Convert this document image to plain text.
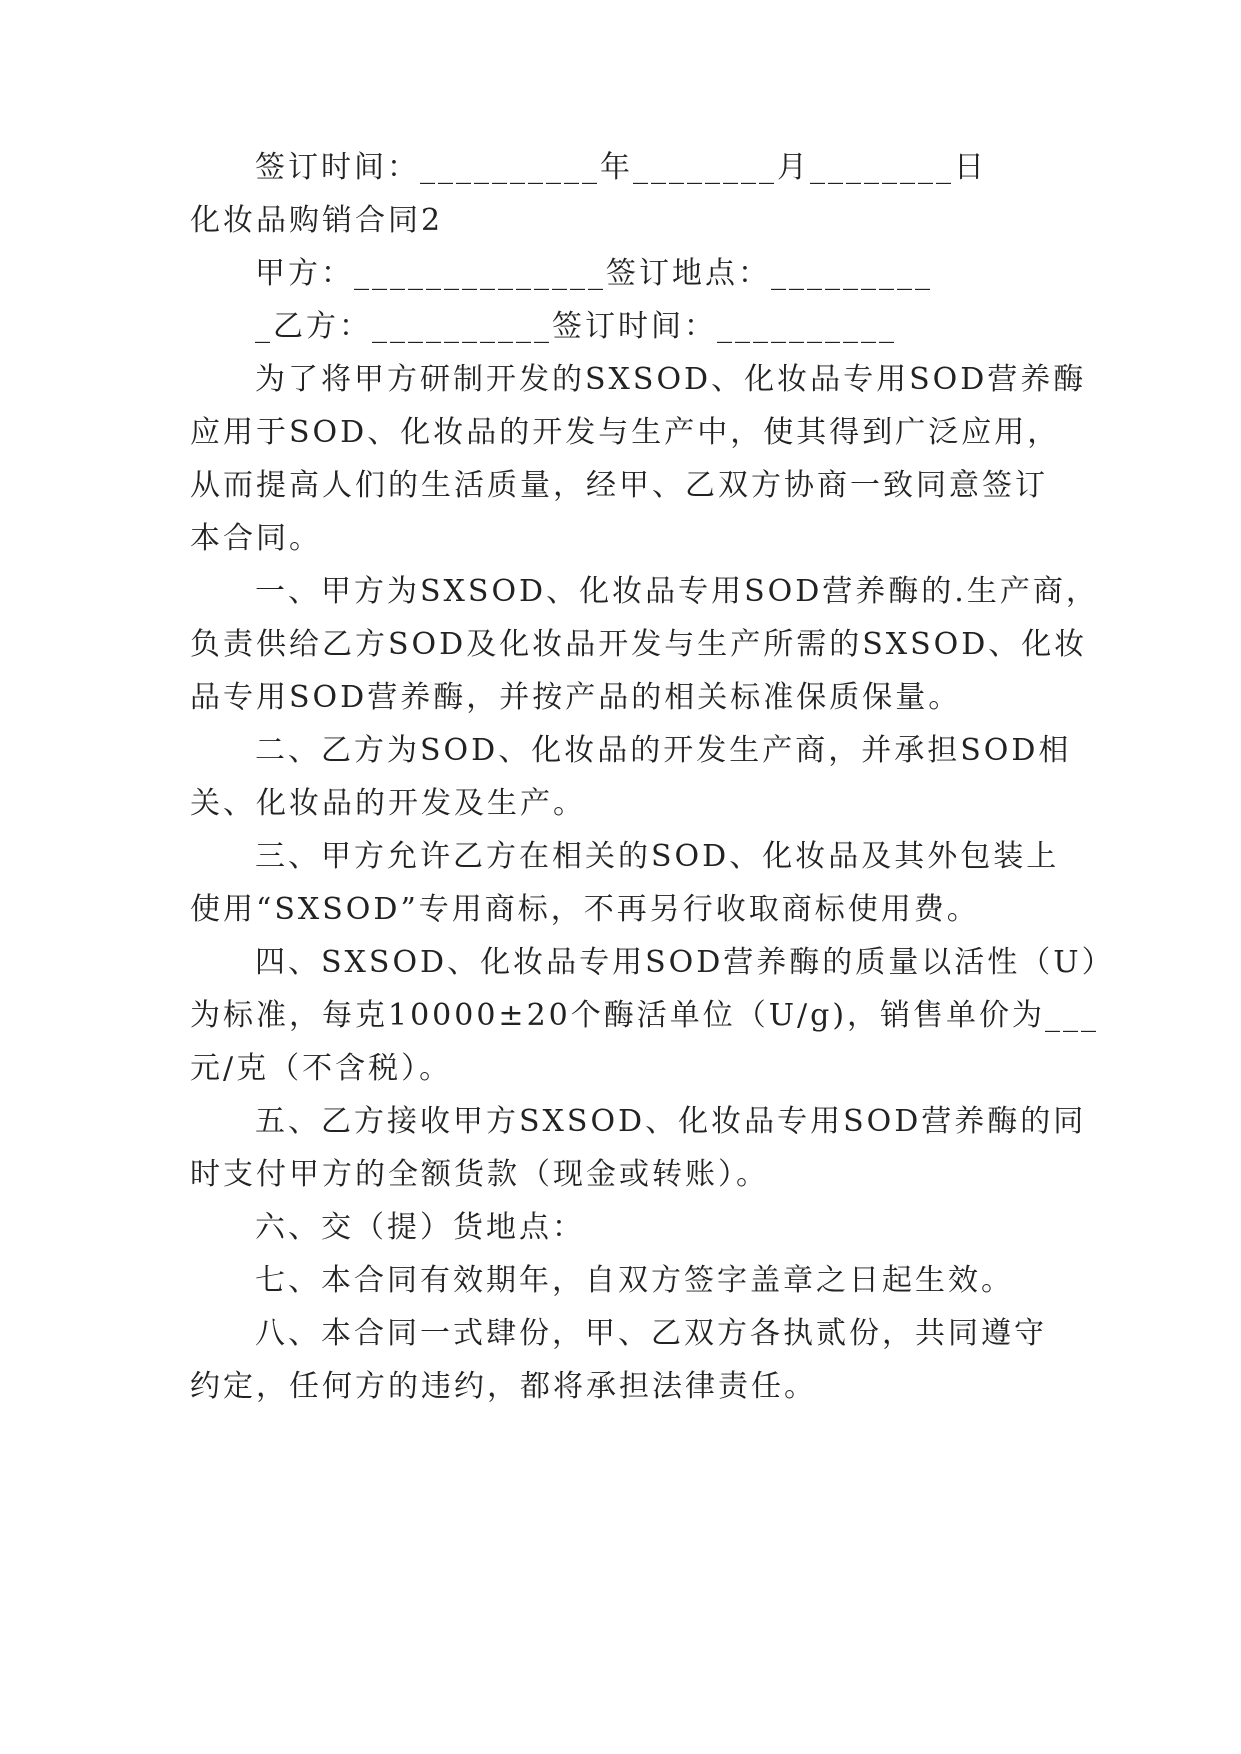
签订时间：__________年________月________日

化妆品购销合同2

甲方：______________签订地点：_________

_乙方：__________签订时间：__________

为了将甲方研制开发的SXSOD、化妆品专用SOD营养酶

应用于SOD、化妆品的开发与生产中，使其得到广泛应用，

从而提高人们的生活质量，经甲、乙双方协商一致同意签订

本合同。

一、甲方为SXSOD、化妆品专用SOD营养酶的.生产商，

负责供给乙方SOD及化妆品开发与生产所需的SXSOD、化妆

品专用SOD营养酶，并按产品的相关标准保质保量。

二、乙方为SOD、化妆品的开发生产商，并承担SOD相

关、化妆品的开发及生产。

三、甲方允许乙方在相关的SOD、化妆品及其外包装上

使用“SXSOD”专用商标，不再另行收取商标使用费。

四、SXSOD、化妆品专用SOD营养酶的质量以活性（U）

为标准，每克10000±20个酶活单位（U/g)，销售单价为___

元/克（不含税）。

五、乙方接收甲方SXSOD、化妆品专用SOD营养酶的同

时支付甲方的全额货款（现金或转账）。

六、交（提）货地点：

七、本合同有效期年，自双方签字盖章之日起生效。

八、本合同一式肆份，甲、乙双方各执贰份，共同遵守

约定，任何方的违约，都将承担法律责任。
